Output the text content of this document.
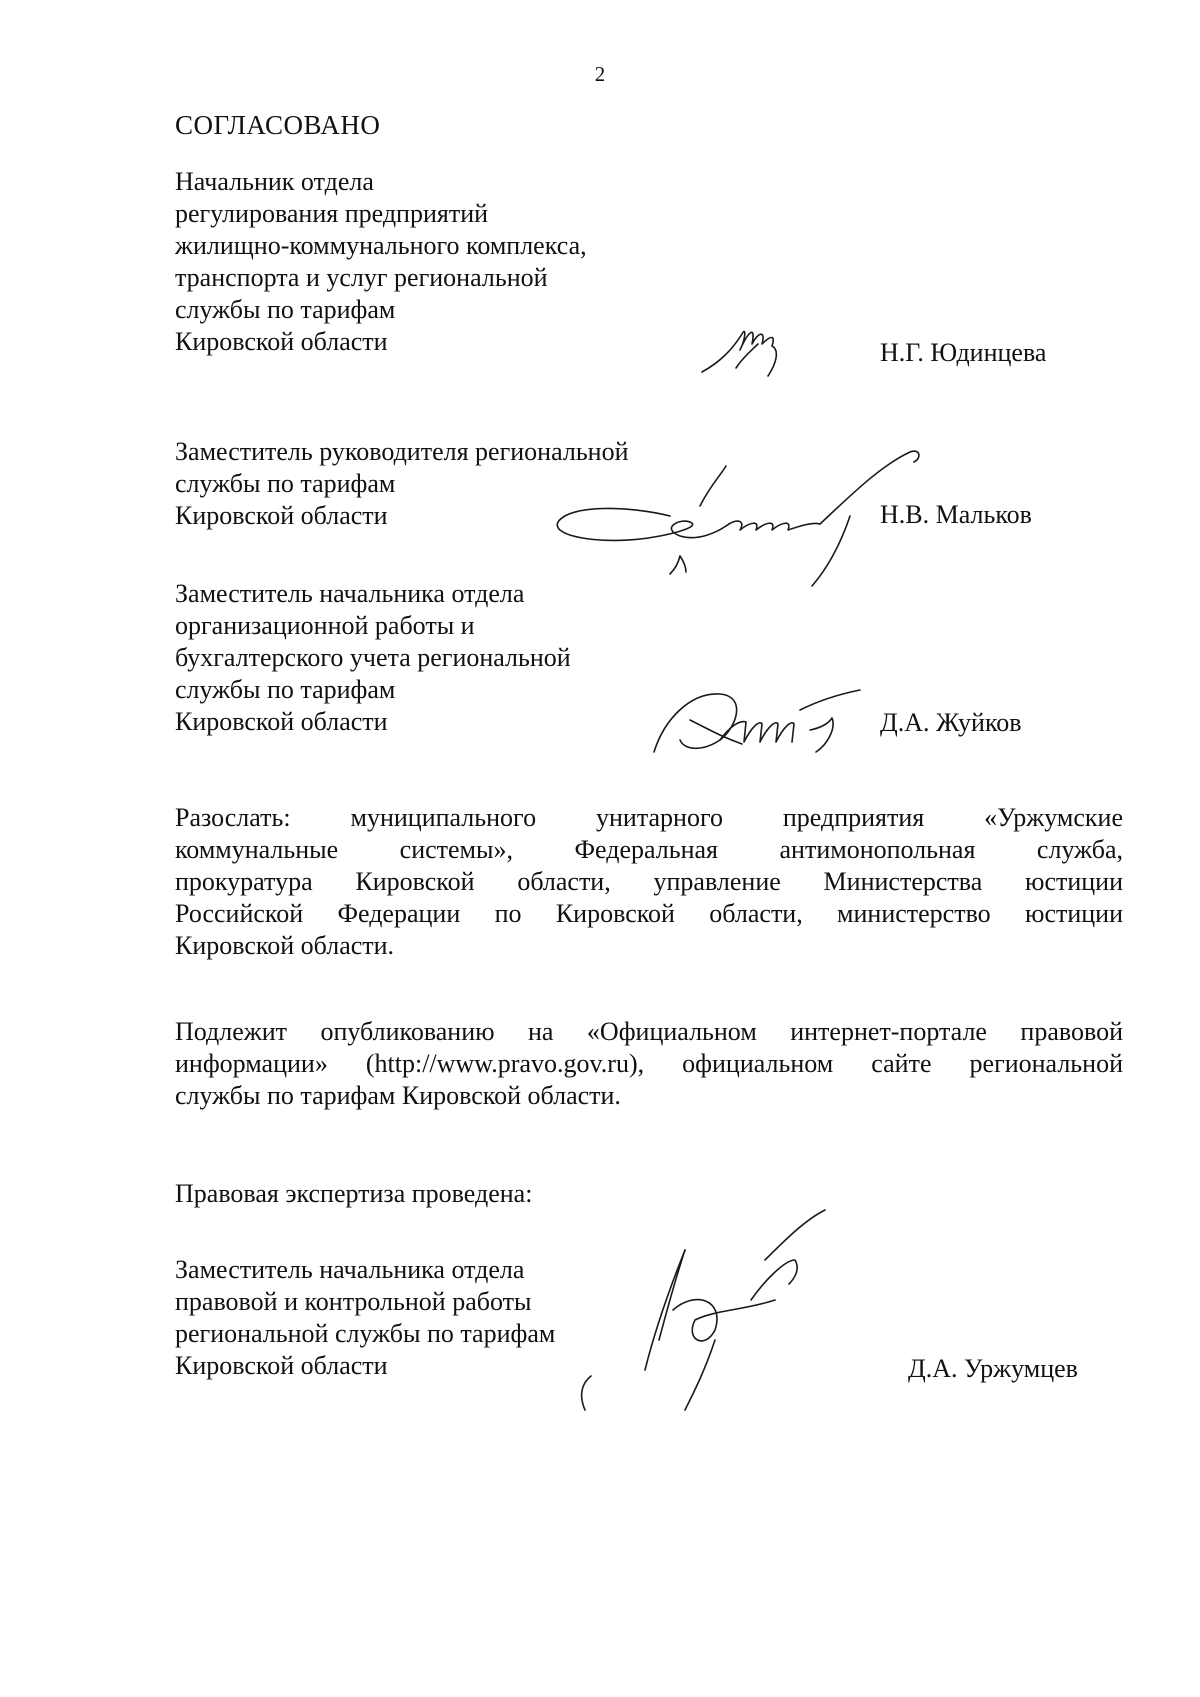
2
СОГЛАСОВАНО
Начальник отдела
регулирования предприятий
жилищно-коммунального комплекса,
транспорта и услуг региональной
службы по тарифам
Кировской области	Н.Г. Юдинцева
Заместитель руководителя региональной
службы по тарифам
Кировской области	Н.В. Мальков
Заместитель начальника отдела
организационной работы и
бухгалтерского учета региональной
службы по тарифам
Кировской области	Д.А. Жуйков
Разослать: муниципального унитарного предприятия «Уржумские
коммунальные системы», Федеральная антимонопольная служба,
прокуратура Кировской области, управление Министерства юстиции
Российской Федерации по Кировской области, министерство юстиции
Кировской области.
Подлежит опубликованию на «Официальном интернет-портале правовой
информации» (http://www.pravo.gov.ru), официальном сайте региональной
службы по тарифам Кировской области.
Правовая экспертиза проведена:
Заместитель начальника отдела
правовой и контрольной работы
региональной службы по тарифам
Кировской области	Д.А. Уржумцев
